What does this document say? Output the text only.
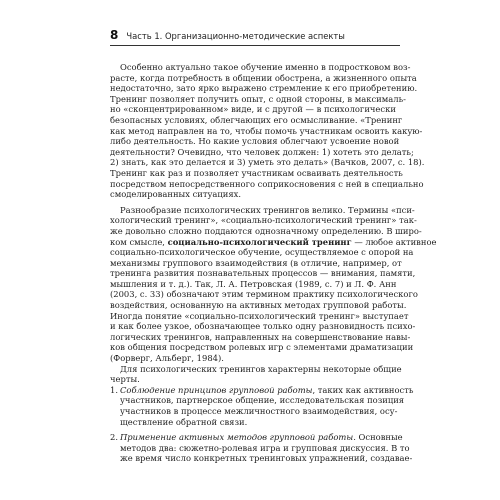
8 Часть 1. Организационно-методические аспекты
Особенно актуально такое обучение именно в подростковом воз-
расте, когда потребность в общении обострена, а жизненного опыта
недостаточно, зато ярко выражено стремление к его приобретению.
Тренинг позволяет получить опыт, с одной стороны, в максималь-
но «сконцентрированном» виде, и с другой — в психологически
безопасных условиях, облегчающих его осмысливание. «Тренинг
как метод направлен на то, чтобы помочь участникам освоить какую-
либо деятельность. Но какие условия облегчают усвоение новой
деятельности? Очевидно, что человек должен: 1) хотеть это делать;
2) знать, как это делается и 3) уметь это делать» (Вачков, 2007, с. 18).
Тренинг как раз и позволяет участникам осваивать деятельность
посредством непосредственного соприкосновения с ней в специально
смоделированных ситуациях.
Разнообразие психологических тренингов велико. Термины «пси-
хологический тренинг», «социально-психологический тренинг» так-
же довольно сложно поддаются однозначному определению. В широ-
ком смысле, социально-психологический тренинг — любое активное
социально-психологическое обучение, осуществляемое с опорой на
механизмы группового взаимодействия (в отличие, например, от
тренинга развития познавательных процессов — внимания, памяти,
мышления и т. д.). Так, Л. А. Петровская (1989, с. 7) и Л. Ф. Анн
(2003, с. 33) обозначают этим термином практику психологического
воздействия, основанную на активных методах групповой работы.
Иногда понятие «социально-психологический тренинг» выступает
и как более узкое, обозначающее только одну разновидность психо-
логических тренингов, направленных на совершенствование навы-
ков общения посредством ролевых игр с элементами драматизации
(Форверг, Альберг, 1984).
Для психологических тренингов характерны некоторые общие
черты.
1. Соблюдение принципов групповой работы, таких как активность
участников, партнерское общение, исследовательская позиция
участников в процессе межличностного взаимодействия, осу-
ществление обратной связи.
2. Применение активных методов групповой работы. Основные
методов два: сюжетно-ролевая игра и групповая дискуссия. В то
же время число конкретных тренинговых упражнений, создавае-
